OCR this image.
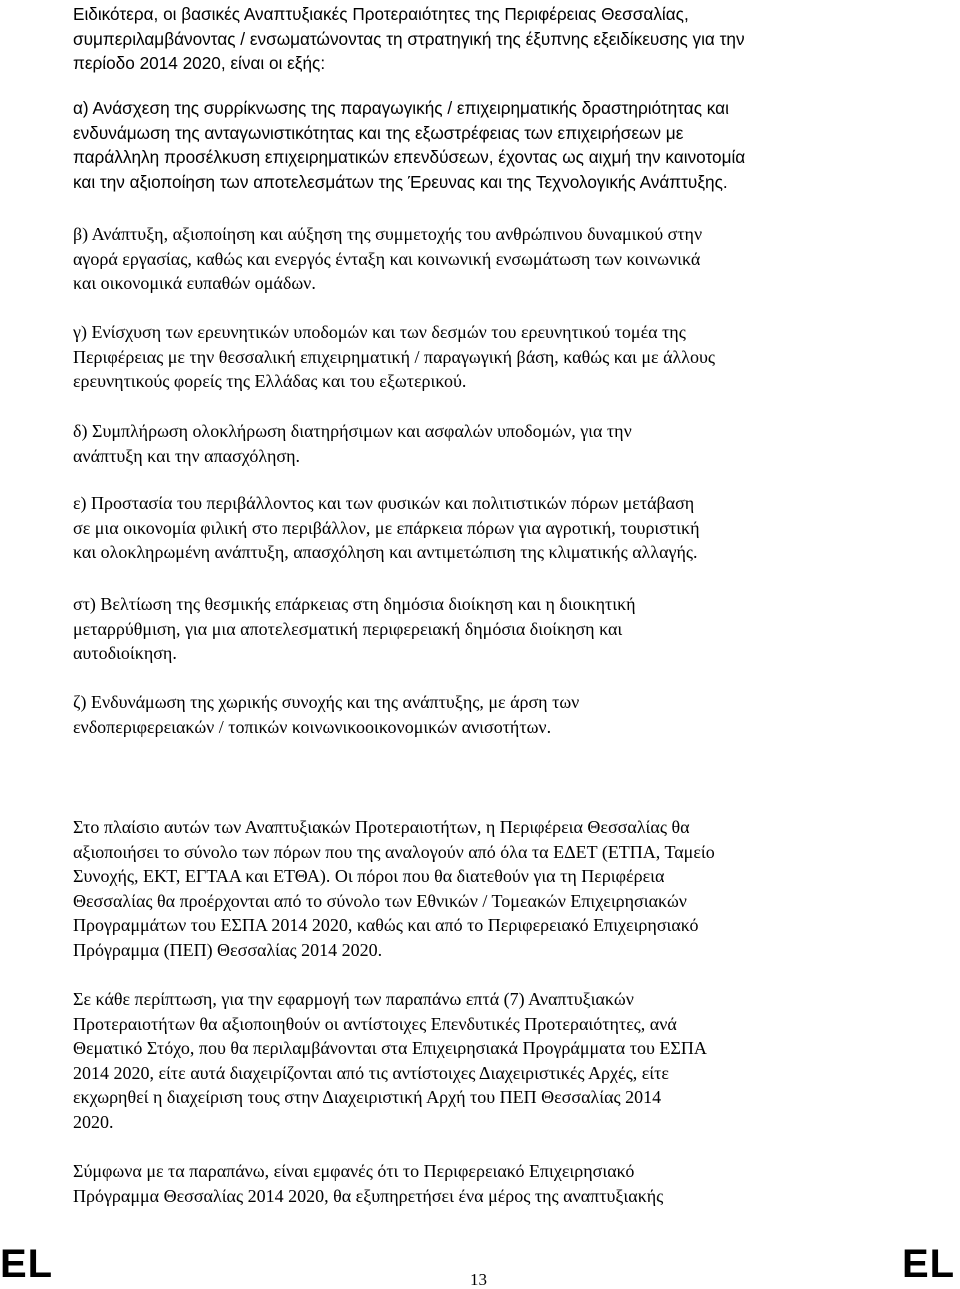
Ειδικότερα, οι βασικές Αναπτυξιακές Προτεραιότητες της Περιφέρειας Θεσσαλίας,
συμπεριλαμβάνοντας / ενσωματώνοντας τη στρατηγική της έξυπνης εξειδίκευσης για την
περίοδο 2014 2020, είναι οι εξής:
α) Ανάσχεση της συρρίκνωσης της παραγωγικής / επιχειρηματικής δραστηριότητας και
ενδυνάμωση της ανταγωνιστικότητας και της εξωστρέφειας των επιχειρήσεων με
παράλληλη προσέλκυση επιχειρηματικών επενδύσεων, έχοντας ως αιχμή την καινοτομία
και την αξιοποίηση των αποτελεσμάτων της Έρευνας και της Τεχνολογικής Ανάπτυξης.
β) Ανάπτυξη, αξιοποίηση και αύξηση της συμμετοχής του ανθρώπινου δυναμικού στην
αγορά εργασίας, καθώς και ενεργός ένταξη και κοινωνική ενσωμάτωση των κοινωνικά
και οικονομικά ευπαθών ομάδων.
γ) Ενίσχυση των ερευνητικών υποδομών και των δεσμών του ερευνητικού τομέα της
Περιφέρειας με την θεσσαλική επιχειρηματική / παραγωγική βάση, καθώς και με άλλους
ερευνητικούς φορείς της Ελλάδας και του εξωτερικού.
δ) Συμπλήρωση ολοκλήρωση διατηρήσιμων και ασφαλών υποδομών, για την
ανάπτυξη και την απασχόληση.
ε) Προστασία του περιβάλλοντος και των φυσικών και πολιτιστικών πόρων μετάβαση
σε μια οικονομία φιλική στο περιβάλλον, με επάρκεια πόρων για αγροτική, τουριστική
και ολοκληρωμένη ανάπτυξη, απασχόληση και αντιμετώπιση της κλιματικής αλλαγής.
στ) Βελτίωση της θεσμικής επάρκειας στη δημόσια διοίκηση και η διοικητική
μεταρρύθμιση, για μια αποτελεσματική περιφερειακή δημόσια διοίκηση και
αυτοδιοίκηση.
ζ) Ενδυνάμωση της χωρικής συνοχής και της ανάπτυξης, με άρση των
ενδοπεριφερειακών / τοπικών κοινωνικοοικονομικών ανισοτήτων.
Στο πλαίσιο αυτών των Αναπτυξιακών Προτεραιοτήτων, η Περιφέρεια Θεσσαλίας θα
αξιοποιήσει το σύνολο των πόρων που της αναλογούν από όλα τα ΕΔΕΤ (ΕΤΠΑ, Ταμείο
Συνοχής, ΕΚΤ, ΕΓΤΑΑ και ΕΤΘΑ). Οι πόροι που θα διατεθούν για τη Περιφέρεια
Θεσσαλίας θα προέρχονται από το σύνολο των Εθνικών / Τομεακών Επιχειρησιακών
Προγραμμάτων του ΕΣΠΑ 2014 2020, καθώς και από το Περιφερειακό Επιχειρησιακό
Πρόγραμμα (ΠΕΠ) Θεσσαλίας 2014 2020.
Σε κάθε περίπτωση, για την εφαρμογή των παραπάνω επτά (7) Αναπτυξιακών
Προτεραιοτήτων θα αξιοποιηθούν οι αντίστοιχες Επενδυτικές Προτεραιότητες, ανά
Θεματικό Στόχο, που θα περιλαμβάνονται στα Επιχειρησιακά Προγράμματα του ΕΣΠΑ
2014 2020, είτε αυτά διαχειρίζονται από τις αντίστοιχες Διαχειριστικές Αρχές, είτε
εκχωρηθεί η διαχείριση τους στην Διαχειριστική Αρχή του ΠΕΠ Θεσσαλίας 2014
2020.
Σύμφωνα με τα παραπάνω, είναι εμφανές ότι το Περιφερειακό Επιχειρησιακό
Πρόγραμμα Θεσσαλίας 2014 2020, θα εξυπηρετήσει ένα μέρος της αναπτυξιακής
EL	13	EL
